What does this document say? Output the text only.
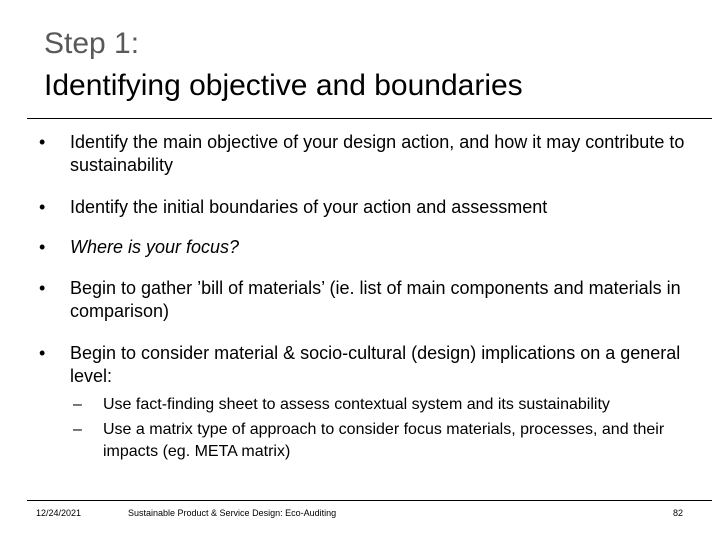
Step 1:
Identifying objective and boundaries
• Identify the main objective of your design action, and how it may contribute to sustainability
• Identify the initial boundaries of your action and assessment
• Where is your focus?
• Begin to gather ’bill of materials’ (ie. list of main components and materials in comparison)
• Begin to consider material & socio-cultural (design) implications on a general level:
– Use fact-finding sheet to assess contextual system and its sustainability
– Use a matrix type of approach to consider focus materials, processes, and their impacts (eg. META matrix)
12/24/2021	Sustainable Product & Service Design: Eco-Auditing	82
